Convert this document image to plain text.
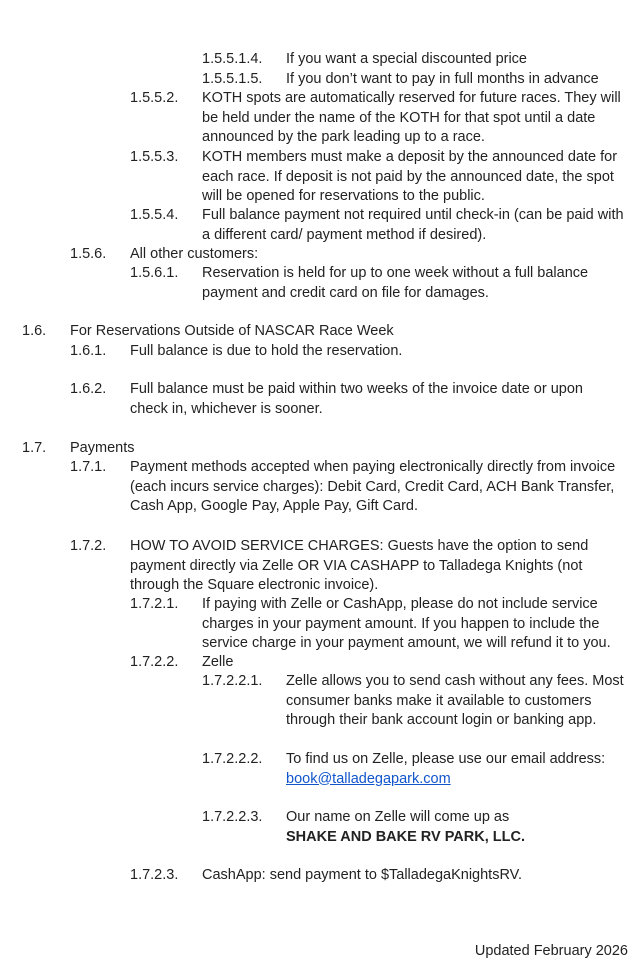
1.5.5.1.4. If you want a special discounted price
1.5.5.1.5. If you don’t want to pay in full months in advance
1.5.5.2. KOTH spots are automatically reserved for future races. They will be held under the name of the KOTH for that spot until a date announced by the park leading up to a race.
1.5.5.3. KOTH members must make a deposit by the announced date for each race. If deposit is not paid by the announced date, the spot will be opened for reservations to the public.
1.5.5.4. Full balance payment not required until check-in (can be paid with a different card/ payment method if desired).
1.5.6. All other customers:
1.5.6.1. Reservation is held for up to one week without a full balance payment and credit card on file for damages.
1.6. For Reservations Outside of NASCAR Race Week
1.6.1. Full balance is due to hold the reservation.
1.6.2. Full balance must be paid within two weeks of the invoice date or upon check in, whichever is sooner.
1.7. Payments
1.7.1. Payment methods accepted when paying electronically directly from invoice (each incurs service charges): Debit Card, Credit Card, ACH Bank Transfer, Cash App, Google Pay, Apple Pay, Gift Card.
1.7.2. HOW TO AVOID SERVICE CHARGES: Guests have the option to send payment directly via Zelle OR VIA CASHAPP to Talladega Knights (not through the Square electronic invoice).
1.7.2.1. If paying with Zelle or CashApp, please do not include service charges in your payment amount. If you happen to include the service charge in your payment amount, we will refund it to you.
1.7.2.2. Zelle
1.7.2.2.1. Zelle allows you to send cash without any fees. Most consumer banks make it available to customers through their bank account login or banking app.
1.7.2.2.2. To find us on Zelle, please use our email address:
book@talladegapark.com
1.7.2.2.3. Our name on Zelle will come up as
SHAKE AND BAKE RV PARK, LLC.
1.7.2.3. CashApp: send payment to $TalladegaKnightsRV.
Updated February 2026
